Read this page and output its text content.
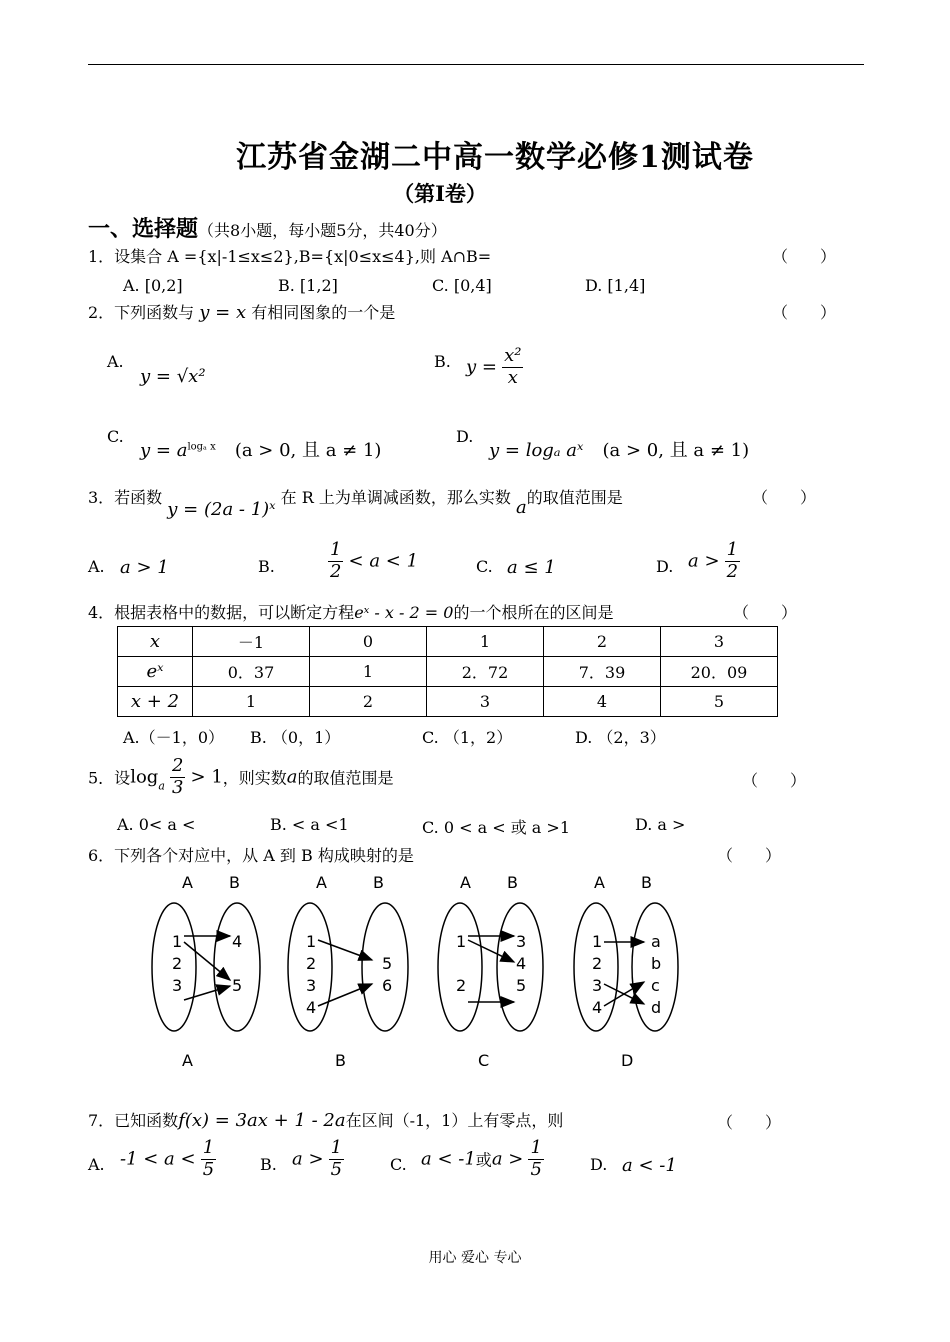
江苏省金湖二中高一数学必修1测试卷
（第Ⅰ卷）
一、选择题（共8小题，每小题5分，共40分）
1．设集合 A ={x|-1≤x≤2},B={x|0≤x≤4},则 A∩B=	（　　）
A. [0,2]	B. [1,2]	C. [0,4]	D. [1,4]
2．下列函数与 y = x 有相同图象的一个是	（　　）
A.
y = √x²
B. $y = \frac{\text{x²}}{x}$
C.
$y = a^{log_a x}$ (a > 0, 且 a ≠ 1)
D.
y = logₐ aˣ (a > 0, 且 a ≠ 1)
3．若函数 y = (2a - 1)ˣ 在 R 上为单调减函数，那么实数 a的取值范围是	（　　）
A. a > 1	B.	$\frac{1}{2} < a < 1$	C. a ≤ 1	D. $a > \frac{1}{2}$
4．根据表格中的数据，可以断定方程eˣ - x - 2 = 0的一个根所在的区间是	（　　）
x	－1	0	1	2	3
eˣ	0．37	1	2．72	7．39	20．09
x + 2	1	2	3	4	5
A.（－1，0） B. （0，1）	C. （1，2）	D. （2，3）
5．设$\log_a \frac{2}{3} > 1$，则实数a的取值范围是	（　　）
A. 0< a <	B. < a <1	C. 0 < a < 或 a >1	D. a >
6．下列各个对应中，从 A 到 B 构成映射的是	（　　）
A B
1
2
3
4
5
A
A	B
1
2
3
4
5
6
B
A B
1
2
3
4
5
C
A B
1
2
3
4
a
b
c
d
D
7．已知函数f(x) = 3ax + 1 - 2a在区间（-1，1）上有零点，则	（　　）
A. $-1 < a < \frac{1}{5}$	B. $a > \frac{1}{5}$	C. a < -1或$a > \frac{1}{5}$	D. a < -1
用心 爱心 专心
